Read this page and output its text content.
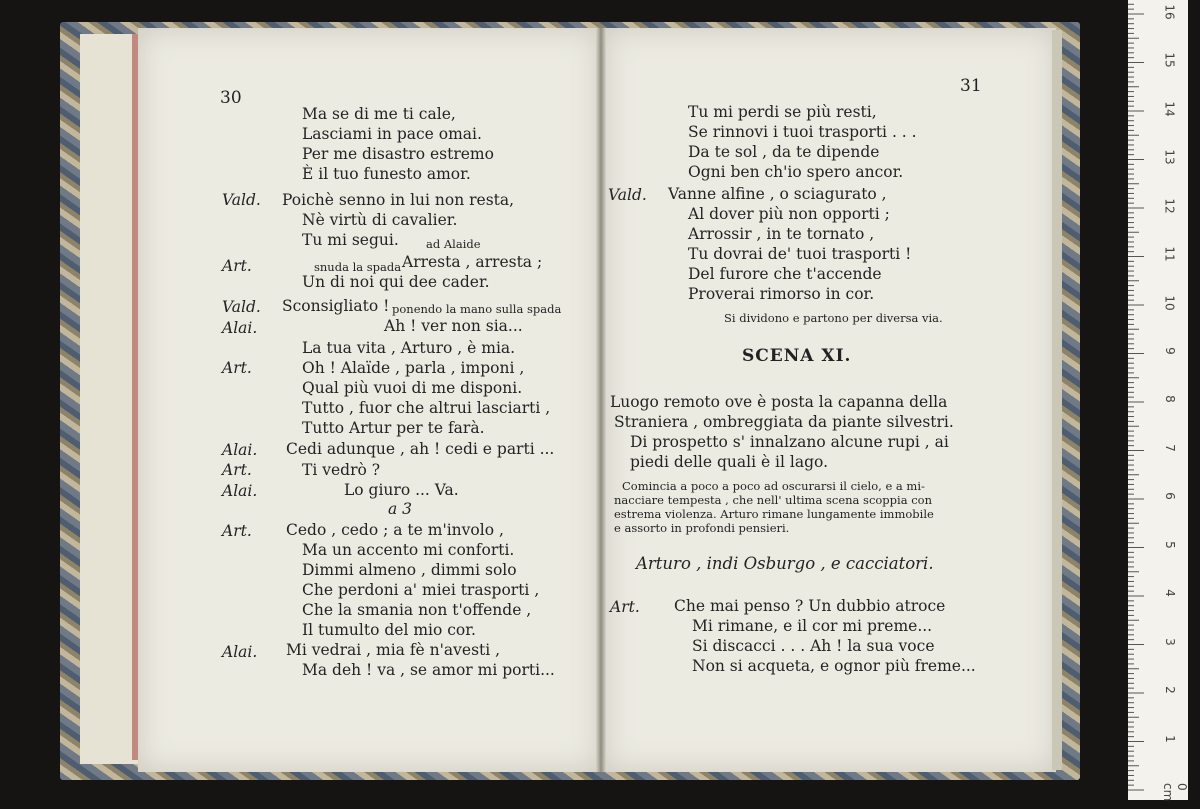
30
Ma se di me ti cale,
Lasciami in pace omai.
Per me disastro estremo
È il tuo funesto amor.
Vald. Poichè senno in lui non resta,
Nè virtù di cavalier.
Tu mi segui. ad Alaide
Art.	snuda la spada Arresta , arresta ;
Un di noi qui dee cader.
Vald. Sconsigliato ! ponendo la mano sulla spada
Alai.	Ah ! ver non sia...
La tua vita , Arturo , è mia.
Art.	Oh ! Alaïde , parla , imponi ,
Qual più vuoi di me disponi.
Tutto , fuor che altrui lasciarti ,
Tutto Artur per te farà.
Alai. Cedi adunque , ah ! cedi e parti ...
Art.	Ti vedrò ?
Alai.	Lo giuro ... Va.
a 3
Art. Cedo , cedo ; a te m'involo ,
Ma un accento mi conforti.
Dimmi almeno , dimmi solo
Che perdoni a' miei trasporti ,
Che la smania non t'offende ,
Il tumulto del mio cor.
Alai. Mi vedrai , mia fè n'avesti ,
Ma deh ! va , se amor mi porti...
31
Tu mi perdi se più resti,
Se rinnovi i tuoi trasporti . . .
Da te sol , da te dipende
Ogni ben ch'io spero ancor.
Vald. Vanne alfine , o sciagurato ,
Al dover più non opporti ;
Arrossir , in te tornato ,
Tu dovrai de' tuoi trasporti !
Del furore che t'accende
Proverai rimorso in cor.
Si dividono e partono per diversa via.
SCENA XI.
Luogo remoto ove è posta la capanna della
Straniera , ombreggiata da piante silvestri.
Di prospetto s' innalzano alcune rupi , ai
piedi delle quali è il lago.
Comincia a poco a poco ad oscurarsi il cielo, e a mi-
nacciare tempesta , che nell' ultima scena scoppia con
estrema violenza. Arturo rimane lungamente immobile
e assorto in profondi pensieri.
Arturo , indi Osburgo , e cacciatori.
Art. Che mai penso ? Un dubbio atroce
Mi rimane, e il cor mi preme...
Si discacci . . . Ah ! la sua voce
Non si acqueta, e ognor più freme...
0 cm
1
2
3
4
5
6
7
8
9
10
11
12
13
14
15
16
